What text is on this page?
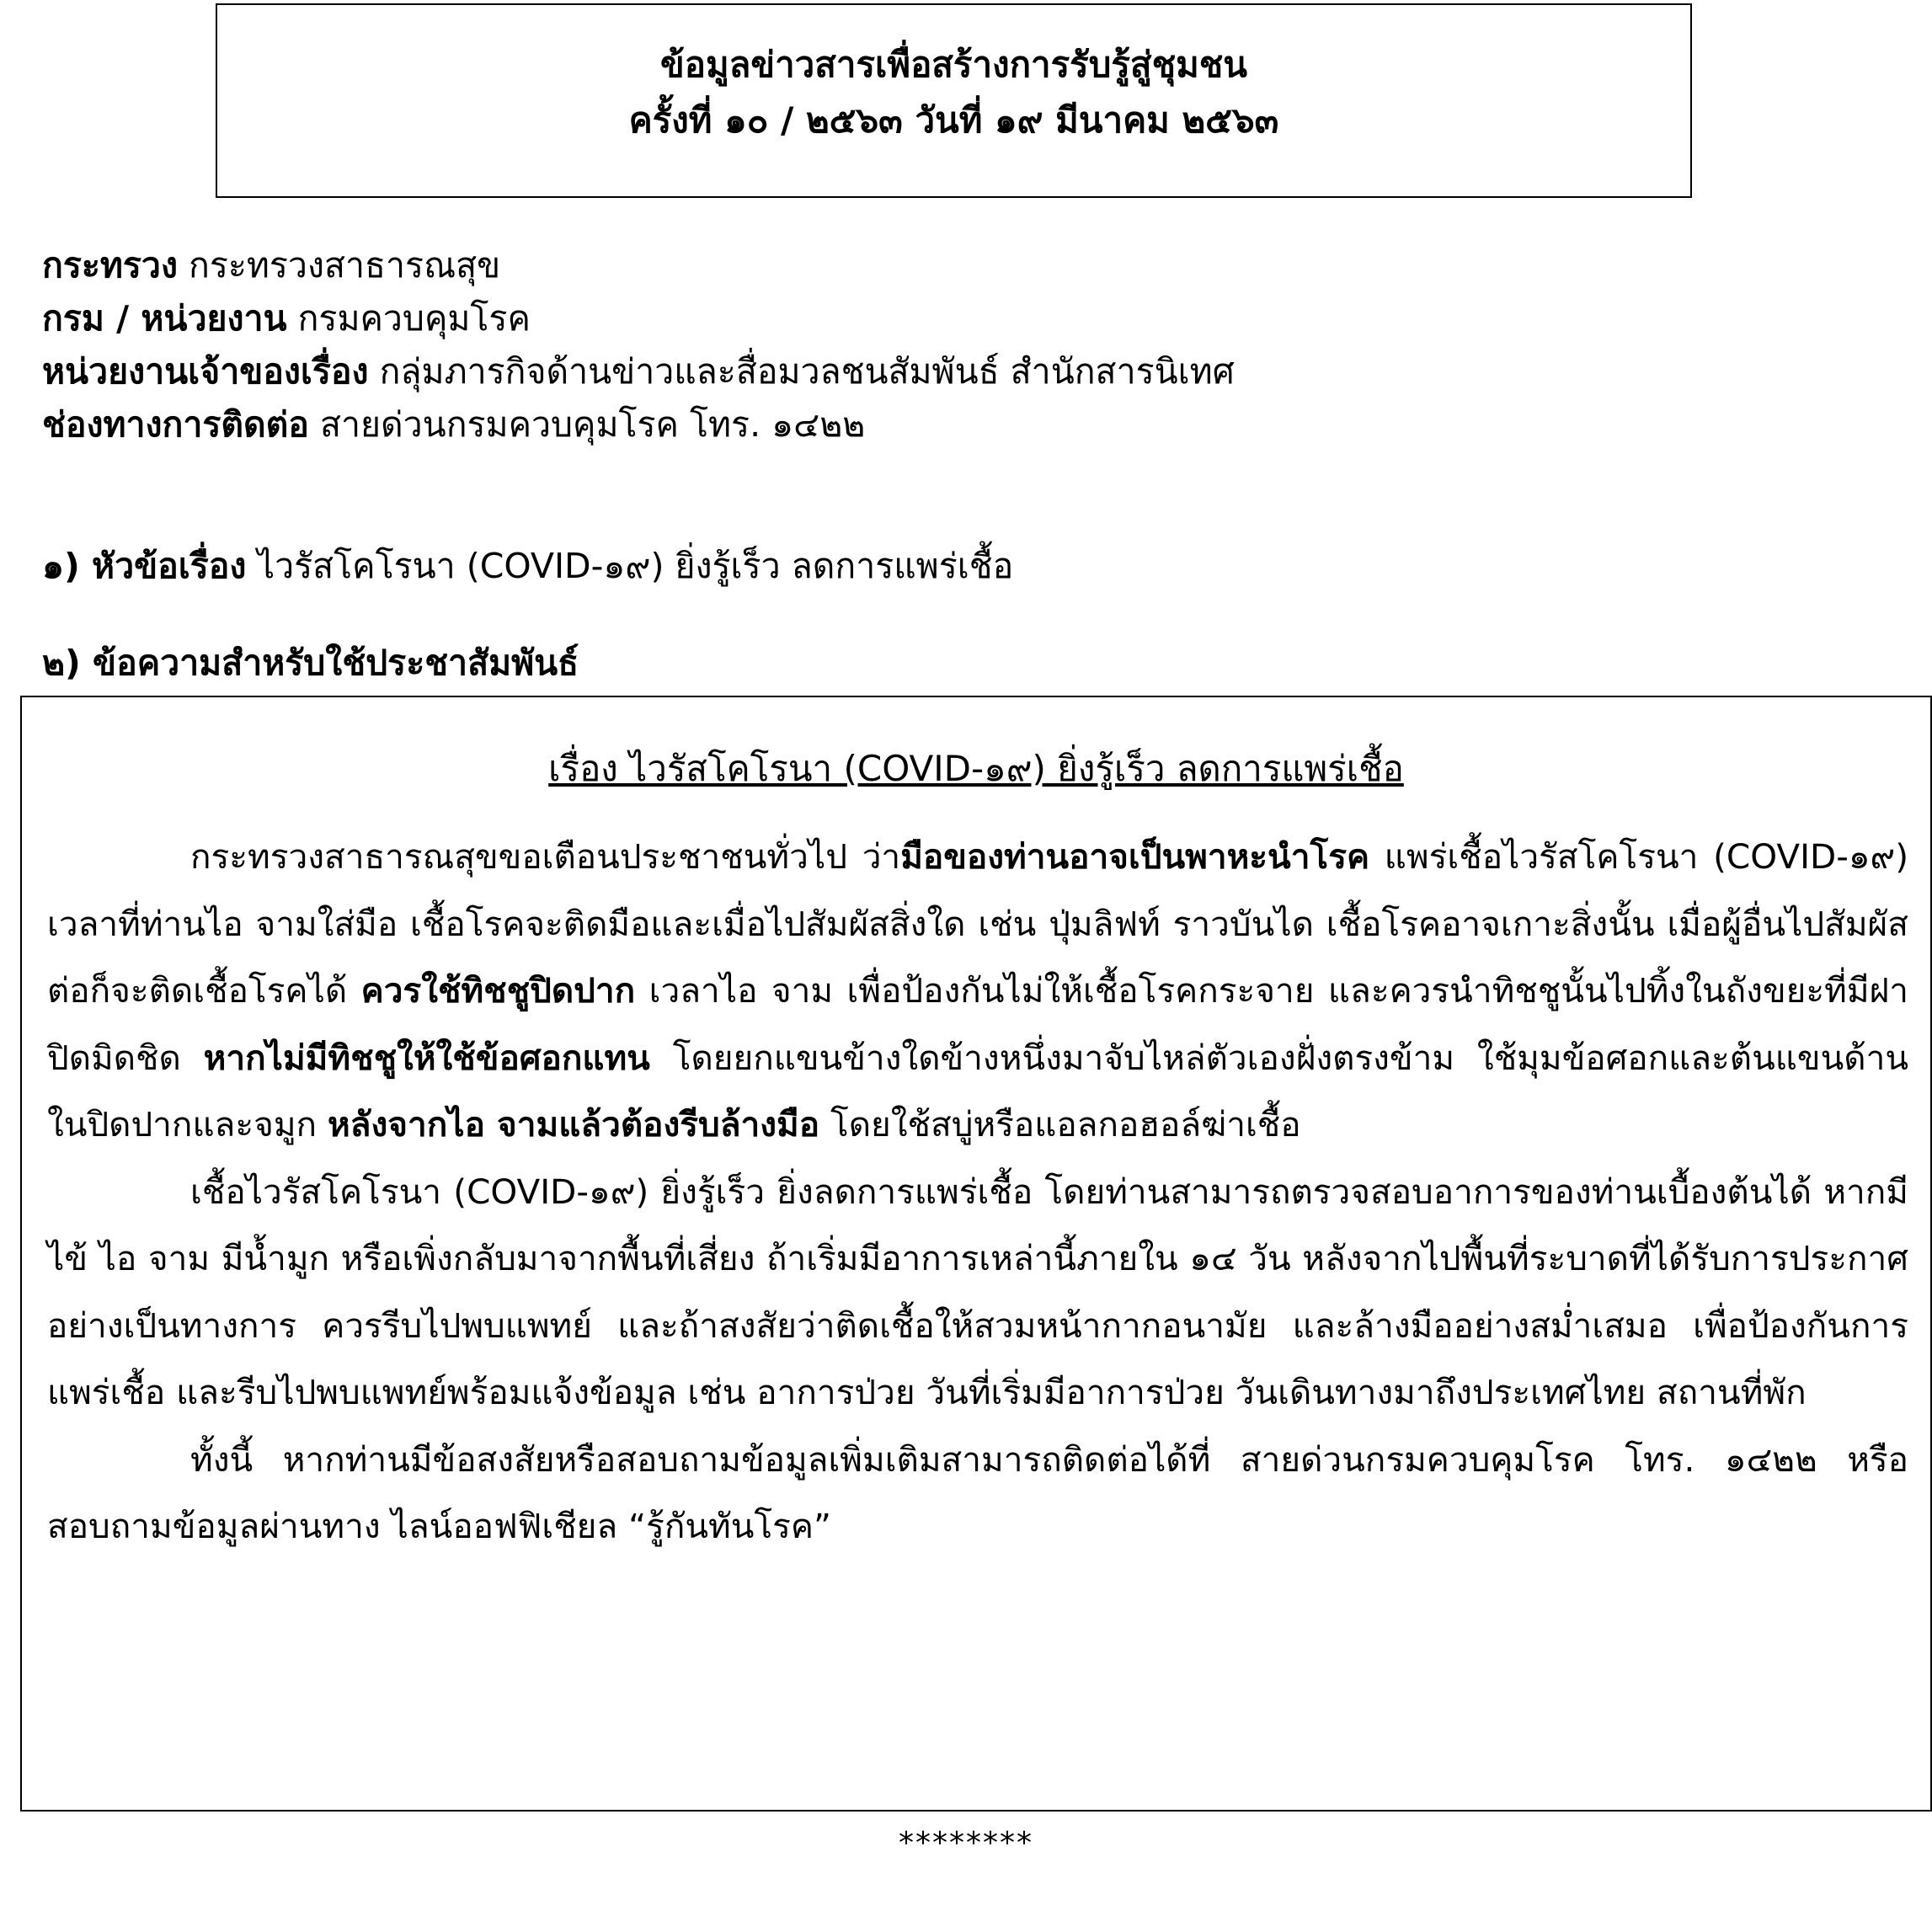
ข้อมูลข่าวสารเพื่อสร้างการรับรู้สู่ชุมชน
ครั้งที่ ๑๐ / ๒๕๖๓ วันที่ ๑๙ มีนาคม ๒๕๖๓
กระทรวง กระทรวงสาธารณสุข
กรม / หน่วยงาน กรมควบคุมโรค
หน่วยงานเจ้าของเรื่อง กลุ่มภารกิจด้านข่าวและสื่อมวลชนสัมพันธ์ สำนักสารนิเทศ
ช่องทางการติดต่อ สายด่วนกรมควบคุมโรค โทร. ๑๔๒๒
๑) หัวข้อเรื่อง ไวรัสโคโรนา (COVID-๑๙) ยิ่งรู้เร็ว ลดการแพร่เชื้อ
๒) ข้อความสำหรับใช้ประชาสัมพันธ์
เรื่อง ไวรัสโคโรนา (COVID-๑๙) ยิ่งรู้เร็ว ลดการแพร่เชื้อ

กระทรวงสาธารณสุขขอเตือนประชาชนทั่วไป ว่ามือของท่านอาจเป็นพาหะนำโรค แพร่เชื้อไวรัสโคโรนา (COVID-๑๙) เวลาที่ท่านไอ จามใส่มือ เชื้อโรคจะติดมือและเมื่อไปสัมผัสสิ่งใด เช่น ปุ่มลิฟท์ ราวบันได เชื้อโรคอาจเกาะสิ่งนั้น เมื่อผู้อื่นไปสัมผัสต่อก็จะติดเชื้อโรคได้ ควรใช้ทิชชูปิดปาก เวลาไอ จาม เพื่อป้องกันไม่ให้เชื้อโรคกระจาย และควรนำทิชชูนั้นไปทิ้งในถังขยะที่มีฝาปิดมิดชิด หากไม่มีทิชชูให้ใช้ข้อศอกแทน โดยยกแขนข้างใดข้างหนึ่งมาจับไหล่ตัวเองฝั่งตรงข้าม ใช้มุมข้อศอกและต้นแขนด้านในปิดปากและจมูก หลังจากไอ จามแล้วต้องรีบล้างมือ โดยใช้สบู่หรือแอลกอฮอล์ฆ่าเชื้อ

เชื้อไวรัสโคโรนา (COVID-๑๙) ยิ่งรู้เร็ว ยิ่งลดการแพร่เชื้อ โดยท่านสามารถตรวจสอบอาการของท่านเบื้องต้นได้ หากมีไข้ ไอ จาม มีน้ำมูก หรือเพิ่งกลับมาจากพื้นที่เสี่ยง ถ้าเริ่มมีอาการเหล่านี้ภายใน ๑๔ วัน หลังจากไปพื้นที่ระบาดที่ได้รับการประกาศอย่างเป็นทางการ ควรรีบไปพบแพทย์ และถ้าสงสัยว่าติดเชื้อให้สวมหน้ากากอนามัย และล้างมืออย่างสม่ำเสมอ เพื่อป้องกันการแพร่เชื้อ และรีบไปพบแพทย์พร้อมแจ้งข้อมูล เช่น อาการป่วย วันที่เริ่มมีอาการป่วย วันเดินทางมาถึงประเทศไทย สถานที่พัก

ทั้งนี้ หากท่านมีข้อสงสัยหรือสอบถามข้อมูลเพิ่มเติมสามารถติดต่อได้ที่ สายด่วนกรมควบคุมโรค โทร. ๑๔๒๒ หรือสอบถามข้อมูลผ่านทาง ไลน์ออฟฟิเชียล “รู้กันทันโรค”

********
